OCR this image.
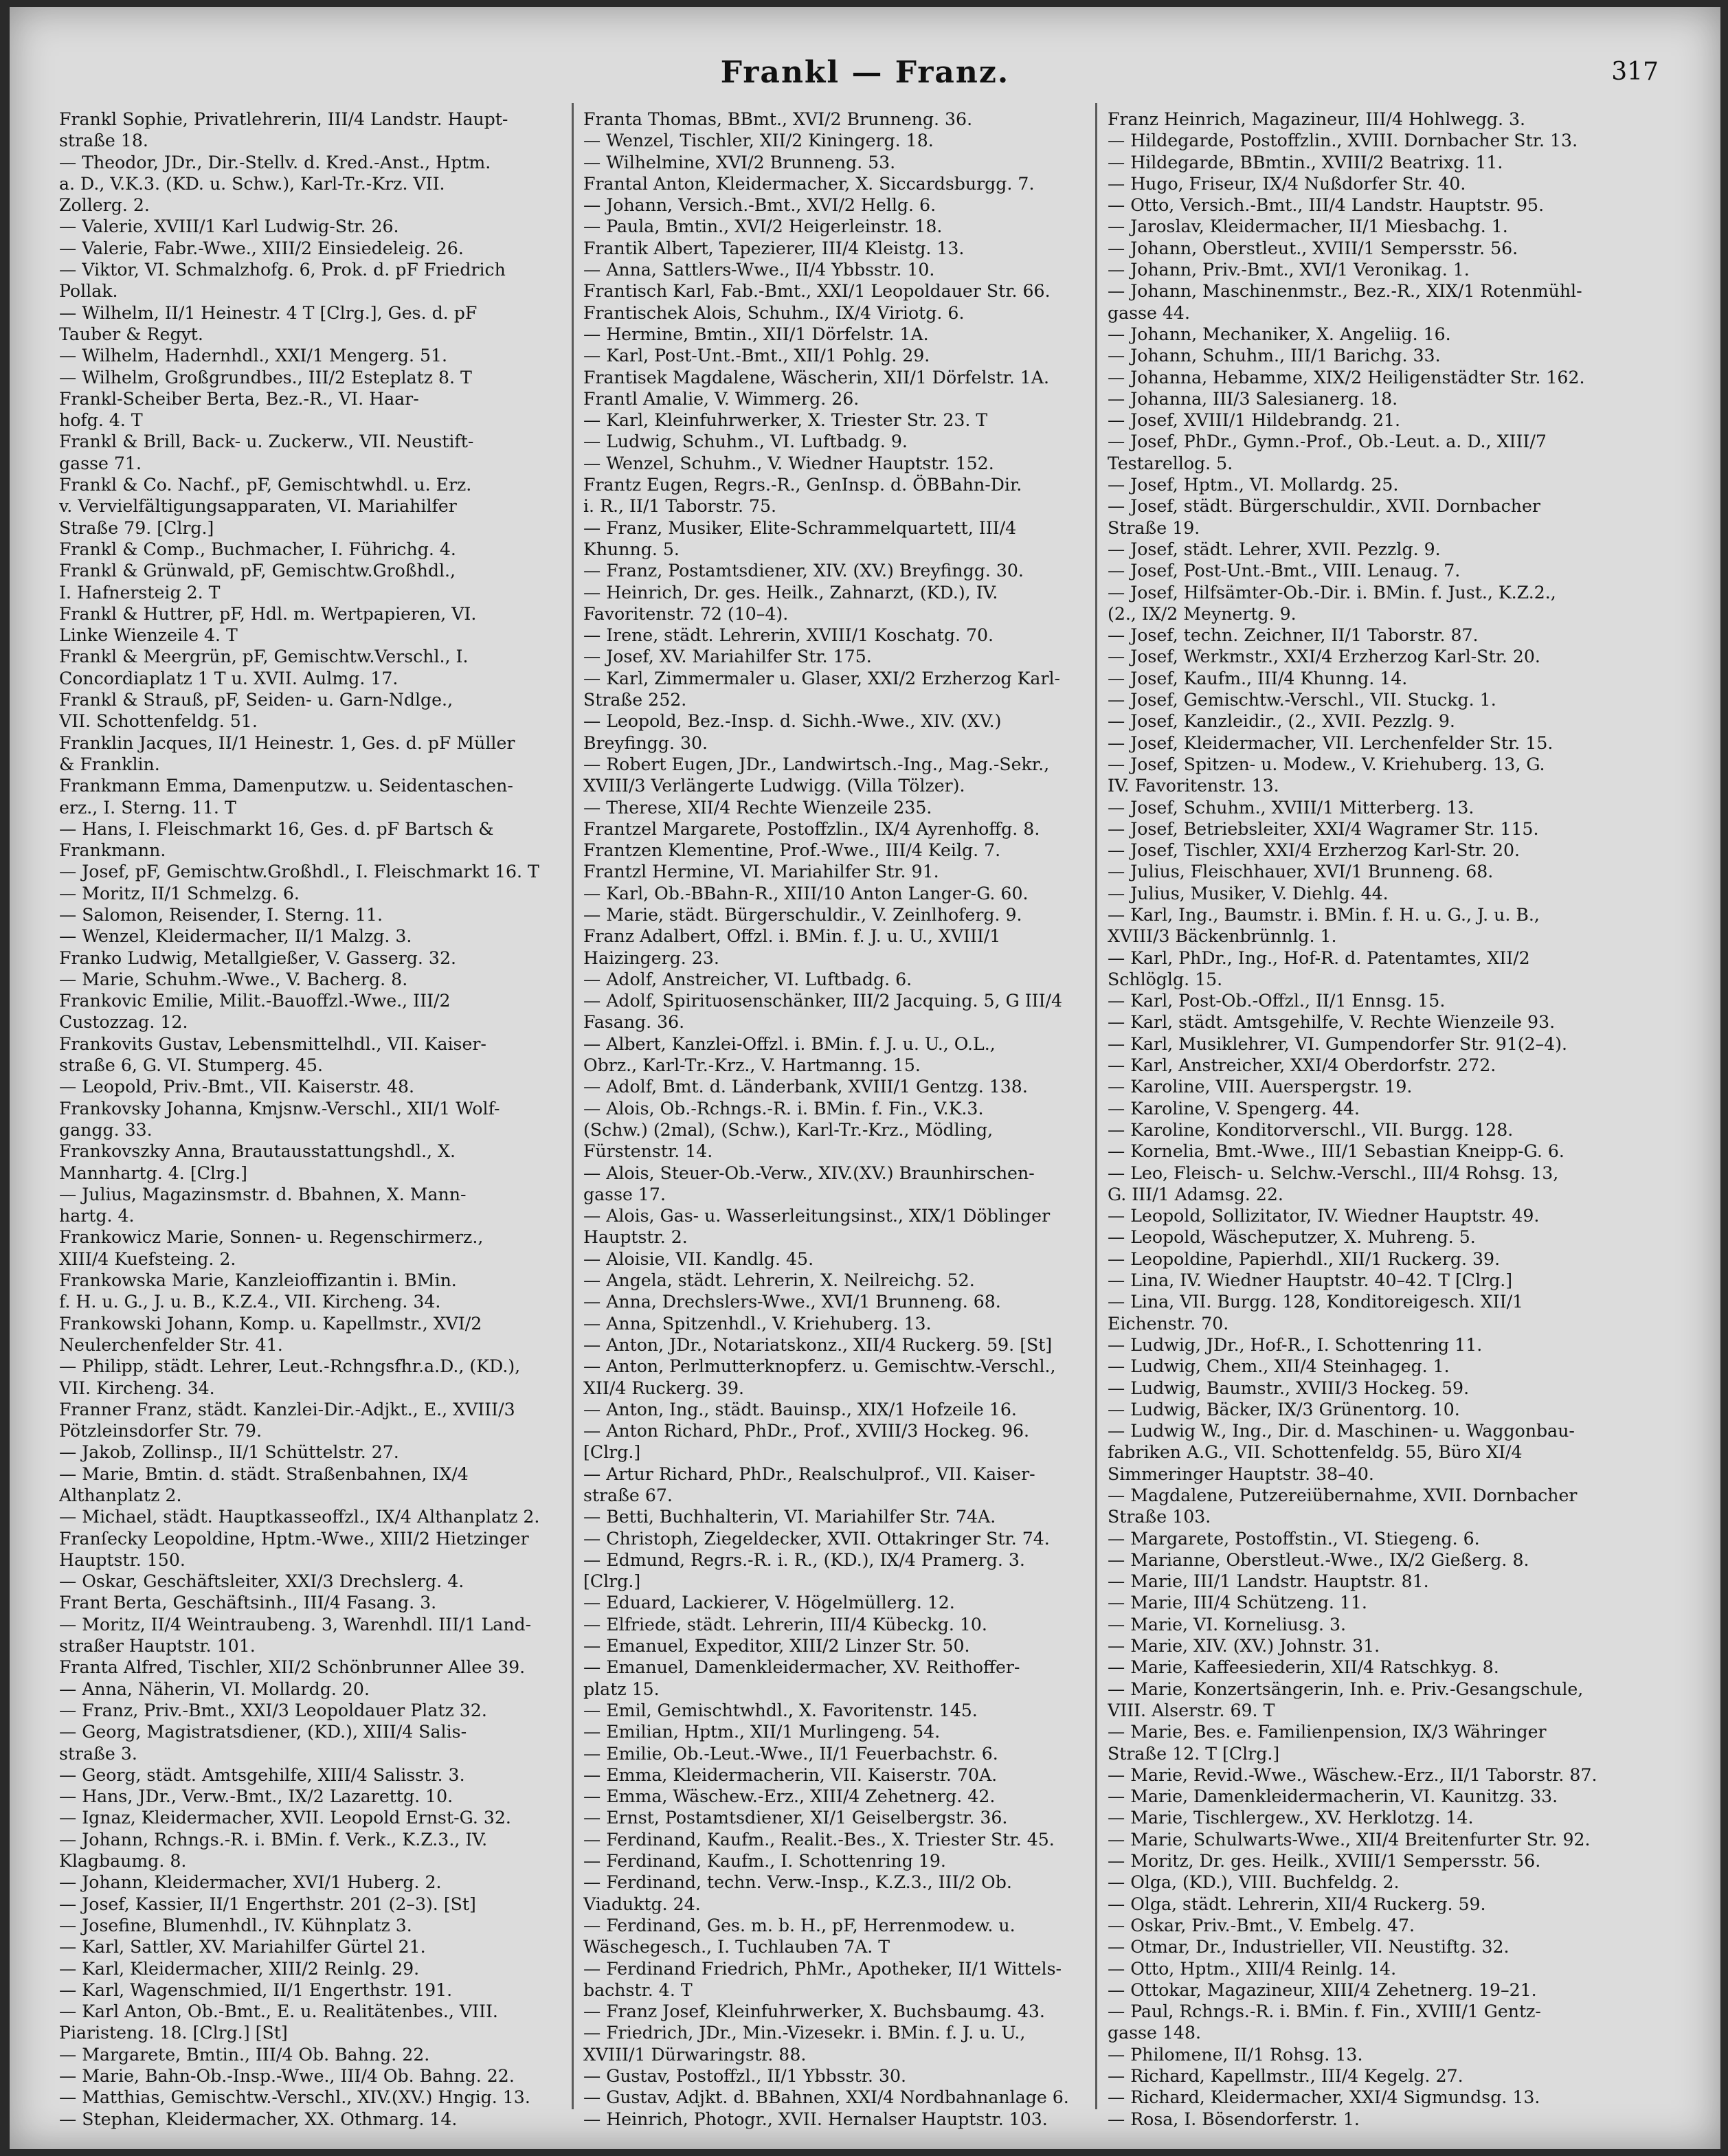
Frankl — Franz.	317
Frankl Sophie, Privatlehrerin, III/4 Landstr. Haupt-
straße 18.
— Theodor, JDr., Dir.-Stellv. d. Kred.-Anst., Hptm.
a. D., V.K.3. (KD. u. Schw.), Karl-Tr.-Krz. VII.
Zollerg. 2.
— Valerie, XVIII/1 Karl Ludwig-Str. 26.
— Valerie, Fabr.-Wwe., XIII/2 Einsiedeleig. 26.
— Viktor, VI. Schmalzhofg. 6, Prok. d. pF Friedrich
Pollak.
— Wilhelm, II/1 Heinestr. 4 T [Clrg.], Ges. d. pF
Tauber & Regyt.
— Wilhelm, Hadernhdl., XXI/1 Mengerg. 51.
— Wilhelm, Großgrundbes., III/2 Esteplatz 8. T
Frankl-Scheiber Berta, Bez.-R., VI. Haar-
hofg. 4. T
Frankl & Brill, Back- u. Zuckerw., VII. Neustift-
gasse 71.
Frankl & Co. Nachf., pF, Gemischtwhdl. u. Erz.
v. Vervielfältigungsapparaten, VI. Mariahilfer
Straße 79. [Clrg.]
Frankl & Comp., Buchmacher, I. Führichg. 4.
Frankl & Grünwald, pF, Gemischtw.Großhdl.,
I. Hafnersteig 2. T
Frankl & Huttrer, pF, Hdl. m. Wertpapieren, VI.
Linke Wienzeile 4. T
Frankl & Meergrün, pF, Gemischtw.Verschl., I.
Concordiaplatz 1 T u. XVII. Aulmg. 17.
Frankl & Strauß, pF, Seiden- u. Garn-Ndlge.,
VII. Schottenfeldg. 51.
Franklin Jacques, II/1 Heinestr. 1, Ges. d. pF Müller
& Franklin.
Frankmann Emma, Damenputzw. u. Seidentaschen-
erz., I. Sterng. 11. T
— Hans, I. Fleischmarkt 16, Ges. d. pF Bartsch &
Frankmann.
— Josef, pF, Gemischtw.Großhdl., I. Fleischmarkt 16. T
— Moritz, II/1 Schmelzg. 6.
— Salomon, Reisender, I. Sterng. 11.
— Wenzel, Kleidermacher, II/1 Malzg. 3.
Franko Ludwig, Metallgießer, V. Gasserg. 32.
— Marie, Schuhm.-Wwe., V. Bacherg. 8.
Frankovic Emilie, Milit.-Bauoffzl.-Wwe., III/2
Custozzag. 12.
Frankovits Gustav, Lebensmittelhdl., VII. Kaiser-
straße 6, G. VI. Stumperg. 45.
— Leopold, Priv.-Bmt., VII. Kaiserstr. 48.
Frankovsky Johanna, Kmjsnw.-Verschl., XII/1 Wolf-
gangg. 33.
Frankovszky Anna, Brautausstattungshdl., X.
Mannhartg. 4. [Clrg.]
— Julius, Magazinsmstr. d. Bbahnen, X. Mann-
hartg. 4.
Frankowicz Marie, Sonnen- u. Regenschirmerz.,
XIII/4 Kuefsteing. 2.
Frankowska Marie, Kanzleioffizantin i. BMin.
f. H. u. G., J. u. B., K.Z.4., VII. Kircheng. 34.
Frankowski Johann, Komp. u. Kapellmstr., XVI/2
Neulerchenfelder Str. 41.
— Philipp, städt. Lehrer, Leut.-Rchngsfhr.a.D., (KD.),
VII. Kircheng. 34.
Franner Franz, städt. Kanzlei-Dir.-Adjkt., E., XVIII/3
Pötzleinsdorfer Str. 79.
— Jakob, Zollinsp., II/1 Schüttelstr. 27.
— Marie, Bmtin. d. städt. Straßenbahnen, IX/4
Althanplatz 2.
— Michael, städt. Hauptkasseoffzl., IX/4 Althanplatz 2.
Franſecky Leopoldine, Hptm.-Wwe., XIII/2 Hietzinger
Hauptstr. 150.
— Oskar, Geschäftsleiter, XXI/3 Drechslerg. 4.
Frant Berta, Geschäftsinh., III/4 Fasang. 3.
— Moritz, II/4 Weintraubeng. 3, Warenhdl. III/1 Land-
straßer Hauptstr. 101.
Franta Alfred, Tischler, XII/2 Schönbrunner Allee 39.
— Anna, Näherin, VI. Mollardg. 20.
— Franz, Priv.-Bmt., XXI/3 Leopoldauer Platz 32.
— Georg, Magistratsdiener, (KD.), XIII/4 Salis-
straße 3.
— Georg, städt. Amtsgehilfe, XIII/4 Salisstr. 3.
— Hans, JDr., Verw.-Bmt., IX/2 Lazarettg. 10.
— Ignaz, Kleidermacher, XVII. Leopold Ernst-G. 32.
— Johann, Rchngs.-R. i. BMin. f. Verk., K.Z.3., IV.
Klagbaumg. 8.
— Johann, Kleidermacher, XVI/1 Huberg. 2.
— Josef, Kassier, II/1 Engerthstr. 201 (2–3). [St]
— Josefine, Blumenhdl., IV. Kühnplatz 3.
— Karl, Sattler, XV. Mariahilfer Gürtel 21.
— Karl, Kleidermacher, XIII/2 Reinlg. 29.
— Karl, Wagenschmied, II/1 Engerthstr. 191.
— Karl Anton, Ob.-Bmt., E. u. Realitätenbes., VIII.
Piaristeng. 18. [Clrg.] [St]
— Margarete, Bmtin., III/4 Ob. Bahng. 22.
— Marie, Bahn-Ob.-Insp.-Wwe., III/4 Ob. Bahng. 22.
— Matthias, Gemischtw.-Verschl., XIV.(XV.) Hngig. 13.
— Stephan, Kleidermacher, XX. Othmarg. 14.
Franta Thomas, BBmt., XVI/2 Brunneng. 36.
— Wenzel, Tischler, XII/2 Kiningerg. 18.
— Wilhelmine, XVI/2 Brunneng. 53.
Frantal Anton, Kleidermacher, X. Siccardsburgg. 7.
— Johann, Versich.-Bmt., XVI/2 Hellg. 6.
— Paula, Bmtin., XVI/2 Heigerleinstr. 18.
Frantik Albert, Tapezierer, III/4 Kleistg. 13.
— Anna, Sattlers-Wwe., II/4 Ybbsstr. 10.
Frantisch Karl, Fab.-Bmt., XXI/1 Leopoldauer Str. 66.
Frantischek Alois, Schuhm., IX/4 Viriotg. 6.
— Hermine, Bmtin., XII/1 Dörfelstr. 1A.
— Karl, Post-Unt.-Bmt., XII/1 Pohlg. 29.
Frantisek Magdalene, Wäscherin, XII/1 Dörfelstr. 1A.
Frantl Amalie, V. Wimmerg. 26.
— Karl, Kleinfuhrwerker, X. Triester Str. 23. T
— Ludwig, Schuhm., VI. Luftbadg. 9.
— Wenzel, Schuhm., V. Wiedner Hauptstr. 152.
Frantz Eugen, Regrs.-R., GenInsp. d. ÖBBahn-Dir.
i. R., II/1 Taborstr. 75.
— Franz, Musiker, Elite-Schrammelquartett, III/4
Khunng. 5.
— Franz, Postamtsdiener, XIV. (XV.) Breyfingg. 30.
— Heinrich, Dr. ges. Heilk., Zahnarzt, (KD.), IV.
Favoritenstr. 72 (10–4).
— Irene, städt. Lehrerin, XVIII/1 Koschatg. 70.
— Josef, XV. Mariahilfer Str. 175.
— Karl, Zimmermaler u. Glaser, XXI/2 Erzherzog Karl-
Straße 252.
— Leopold, Bez.-Insp. d. Sichh.-Wwe., XIV. (XV.)
Breyfingg. 30.
— Robert Eugen, JDr., Landwirtsch.-Ing., Mag.-Sekr.,
XVIII/3 Verlängerte Ludwigg. (Villa Tölzer).
— Therese, XII/4 Rechte Wienzeile 235.
Frantzel Margarete, Postoffzlin., IX/4 Ayrenhoffg. 8.
Frantzen Klementine, Prof.-Wwe., III/4 Keilg. 7.
Frantzl Hermine, VI. Mariahilfer Str. 91.
— Karl, Ob.-BBahn-R., XIII/10 Anton Langer-G. 60.
— Marie, städt. Bürgerschuldir., V. Zeinlhoferg. 9.
Franz Adalbert, Offzl. i. BMin. f. J. u. U., XVIII/1
Haizingerg. 23.
— Adolf, Anstreicher, VI. Luftbadg. 6.
— Adolf, Spirituosenschänker, III/2 Jacquing. 5, G III/4
Fasang. 36.
— Albert, Kanzlei-Offzl. i. BMin. f. J. u. U., O.L.,
Obrz., Karl-Tr.-Krz., V. Hartmanng. 15.
— Adolf, Bmt. d. Länderbank, XVIII/1 Gentzg. 138.
— Alois, Ob.-Rchngs.-R. i. BMin. f. Fin., V.K.3.
(Schw.) (2mal), (Schw.), Karl-Tr.-Krz., Mödling,
Fürstenstr. 14.
— Alois, Steuer-Ob.-Verw., XIV.(XV.) Braunhirschen-
gasse 17.
— Alois, Gas- u. Wasserleitungsinst., XIX/1 Döblinger
Hauptstr. 2.
— Aloisie, VII. Kandlg. 45.
— Angela, städt. Lehrerin, X. Neilreichg. 52.
— Anna, Drechslers-Wwe., XVI/1 Brunneng. 68.
— Anna, Spitzenhdl., V. Kriehuberg. 13.
— Anton, JDr., Notariatskonz., XII/4 Ruckerg. 59. [St]
— Anton, Perlmutterknopferz. u. Gemischtw.-Verschl.,
XII/4 Ruckerg. 39.
— Anton, Ing., städt. Bauinsp., XIX/1 Hofzeile 16.
— Anton Richard, PhDr., Prof., XVIII/3 Hockeg. 96.
[Clrg.]
— Artur Richard, PhDr., Realschulprof., VII. Kaiser-
straße 67.
— Betti, Buchhalterin, VI. Mariahilfer Str. 74A.
— Christoph, Ziegeldecker, XVII. Ottakringer Str. 74.
— Edmund, Regrs.-R. i. R., (KD.), IX/4 Pramerg. 3.
[Clrg.]
— Eduard, Lackierer, V. Högelmüllerg. 12.
— Elfriede, städt. Lehrerin, III/4 Kübeckg. 10.
— Emanuel, Expeditor, XIII/2 Linzer Str. 50.
— Emanuel, Damenkleidermacher, XV. Reithoffer-
platz 15.
— Emil, Gemischtwhdl., X. Favoritenstr. 145.
— Emilian, Hptm., XII/1 Murlingeng. 54.
— Emilie, Ob.-Leut.-Wwe., II/1 Feuerbachstr. 6.
— Emma, Kleidermacherin, VII. Kaiserstr. 70A.
— Emma, Wäschew.-Erz., XIII/4 Zehetnerg. 42.
— Ernst, Postamtsdiener, XI/1 Geiselbergstr. 36.
— Ferdinand, Kaufm., Realit.-Bes., X. Triester Str. 45.
— Ferdinand, Kaufm., I. Schottenring 19.
— Ferdinand, techn. Verw.-Insp., K.Z.3., III/2 Ob.
Viaduktg. 24.
— Ferdinand, Ges. m. b. H., pF, Herrenmodew. u.
Wäschegesch., I. Tuchlauben 7A. T
— Ferdinand Friedrich, PhMr., Apotheker, II/1 Wittels-
bachstr. 4. T
— Franz Josef, Kleinfuhrwerker, X. Buchsbaumg. 43.
— Friedrich, JDr., Min.-Vizesekr. i. BMin. f. J. u. U.,
XVIII/1 Dürwaringstr. 88.
— Gustav, Postoffzl., II/1 Ybbsstr. 30.
— Gustav, Adjkt. d. BBahnen, XXI/4 Nordbahnanlage 6.
— Heinrich, Photogr., XVII. Hernalser Hauptstr. 103.
Franz Heinrich, Magazineur, III/4 Hohlwegg. 3.
— Hildegarde, Postoffzlin., XVIII. Dornbacher Str. 13.
— Hildegarde, BBmtin., XVIII/2 Beatrixg. 11.
— Hugo, Friseur, IX/4 Nußdorfer Str. 40.
— Otto, Versich.-Bmt., III/4 Landstr. Hauptstr. 95.
— Jaroslav, Kleidermacher, II/1 Miesbachg. 1.
— Johann, Oberstleut., XVIII/1 Sempersstr. 56.
— Johann, Priv.-Bmt., XVI/1 Veronikag. 1.
— Johann, Maschinenmstr., Bez.-R., XIX/1 Rotenmühl-
gasse 44.
— Johann, Mechaniker, X. Angeliig. 16.
— Johann, Schuhm., III/1 Barichg. 33.
— Johanna, Hebamme, XIX/2 Heiligenstädter Str. 162.
— Johanna, III/3 Salesianerg. 18.
— Josef, XVIII/1 Hildebrandg. 21.
— Josef, PhDr., Gymn.-Prof., Ob.-Leut. a. D., XIII/7
Testarellog. 5.
— Josef, Hptm., VI. Mollardg. 25.
— Josef, städt. Bürgerschuldir., XVII. Dornbacher
Straße 19.
— Josef, städt. Lehrer, XVII. Pezzlg. 9.
— Josef, Post-Unt.-Bmt., VIII. Lenaug. 7.
— Josef, Hilfsämter-Ob.-Dir. i. BMin. f. Just., K.Z.2.,
(2., IX/2 Meynertg. 9.
— Josef, techn. Zeichner, II/1 Taborstr. 87.
— Josef, Werkmstr., XXI/4 Erzherzog Karl-Str. 20.
— Josef, Kaufm., III/4 Khunng. 14.
— Josef, Gemischtw.-Verschl., VII. Stuckg. 1.
— Josef, Kanzleidir., (2., XVII. Pezzlg. 9.
— Josef, Kleidermacher, VII. Lerchenfelder Str. 15.
— Josef, Spitzen- u. Modew., V. Kriehuberg. 13, G.
IV. Favoritenstr. 13.
— Josef, Schuhm., XVIII/1 Mitterberg. 13.
— Josef, Betriebsleiter, XXI/4 Wagramer Str. 115.
— Josef, Tischler, XXI/4 Erzherzog Karl-Str. 20.
— Julius, Fleischhauer, XVI/1 Brunneng. 68.
— Julius, Musiker, V. Diehlg. 44.
— Karl, Ing., Baumstr. i. BMin. f. H. u. G., J. u. B.,
XVIII/3 Bäckenbrünnlg. 1.
— Karl, PhDr., Ing., Hof-R. d. Patentamtes, XII/2
Schlöglg. 15.
— Karl, Post-Ob.-Offzl., II/1 Ennsg. 15.
— Karl, städt. Amtsgehilfe, V. Rechte Wienzeile 93.
— Karl, Musiklehrer, VI. Gumpendorfer Str. 91(2–4).
— Karl, Anstreicher, XXI/4 Oberdorfstr. 272.
— Karoline, VIII. Auerspergstr. 19.
— Karoline, V. Spengerg. 44.
— Karoline, Konditorverschl., VII. Burgg. 128.
— Kornelia, Bmt.-Wwe., III/1 Sebastian Kneipp-G. 6.
— Leo, Fleisch- u. Selchw.-Verschl., III/4 Rohsg. 13,
G. III/1 Adamsg. 22.
— Leopold, Sollizitator, IV. Wiedner Hauptstr. 49.
— Leopold, Wäscheputzer, X. Muhreng. 5.
— Leopoldine, Papierhdl., XII/1 Ruckerg. 39.
— Lina, IV. Wiedner Hauptstr. 40–42. T [Clrg.]
— Lina, VII. Burgg. 128, Konditoreigesch. XII/1
Eichenstr. 70.
— Ludwig, JDr., Hof-R., I. Schottenring 11.
— Ludwig, Chem., XII/4 Steinhageg. 1.
— Ludwig, Baumstr., XVIII/3 Hockeg. 59.
— Ludwig, Bäcker, IX/3 Grünentorg. 10.
— Ludwig W., Ing., Dir. d. Maschinen- u. Waggonbau-
fabriken A.G., VII. Schottenfeldg. 55, Büro XI/4
Simmeringer Hauptstr. 38–40.
— Magdalene, Putzereiübernahme, XVII. Dornbacher
Straße 103.
— Margarete, Postoffstin., VI. Stiegeng. 6.
— Marianne, Oberstleut.-Wwe., IX/2 Gießerg. 8.
— Marie, III/1 Landstr. Hauptstr. 81.
— Marie, III/4 Schützeng. 11.
— Marie, VI. Korneliusg. 3.
— Marie, XIV. (XV.) Johnstr. 31.
— Marie, Kaffeesiederin, XII/4 Ratschkyg. 8.
— Marie, Konzertsängerin, Inh. e. Priv.-Gesangschule,
VIII. Alserstr. 69. T
— Marie, Bes. e. Familienpension, IX/3 Währinger
Straße 12. T [Clrg.]
— Marie, Revid.-Wwe., Wäschew.-Erz., II/1 Taborstr. 87.
— Marie, Damenkleidermacherin, VI. Kaunitzg. 33.
— Marie, Tischlergew., XV. Herklotzg. 14.
— Marie, Schulwarts-Wwe., XII/4 Breitenfurter Str. 92.
— Moritz, Dr. ges. Heilk., XVIII/1 Sempersstr. 56.
— Olga, (KD.), VIII. Buchfeldg. 2.
— Olga, städt. Lehrerin, XII/4 Ruckerg. 59.
— Oskar, Priv.-Bmt., V. Embelg. 47.
— Otmar, Dr., Industrieller, VII. Neustiftg. 32.
— Otto, Hptm., XIII/4 Reinlg. 14.
— Ottokar, Magazineur, XIII/4 Zehetnerg. 19–21.
— Paul, Rchngs.-R. i. BMin. f. Fin., XVIII/1 Gentz-
gasse 148.
— Philomene, II/1 Rohsg. 13.
— Richard, Kapellmstr., III/4 Kegelg. 27.
— Richard, Kleidermacher, XXI/4 Sigmundsg. 13.
— Rosa, I. Bösendorferstr. 1.
